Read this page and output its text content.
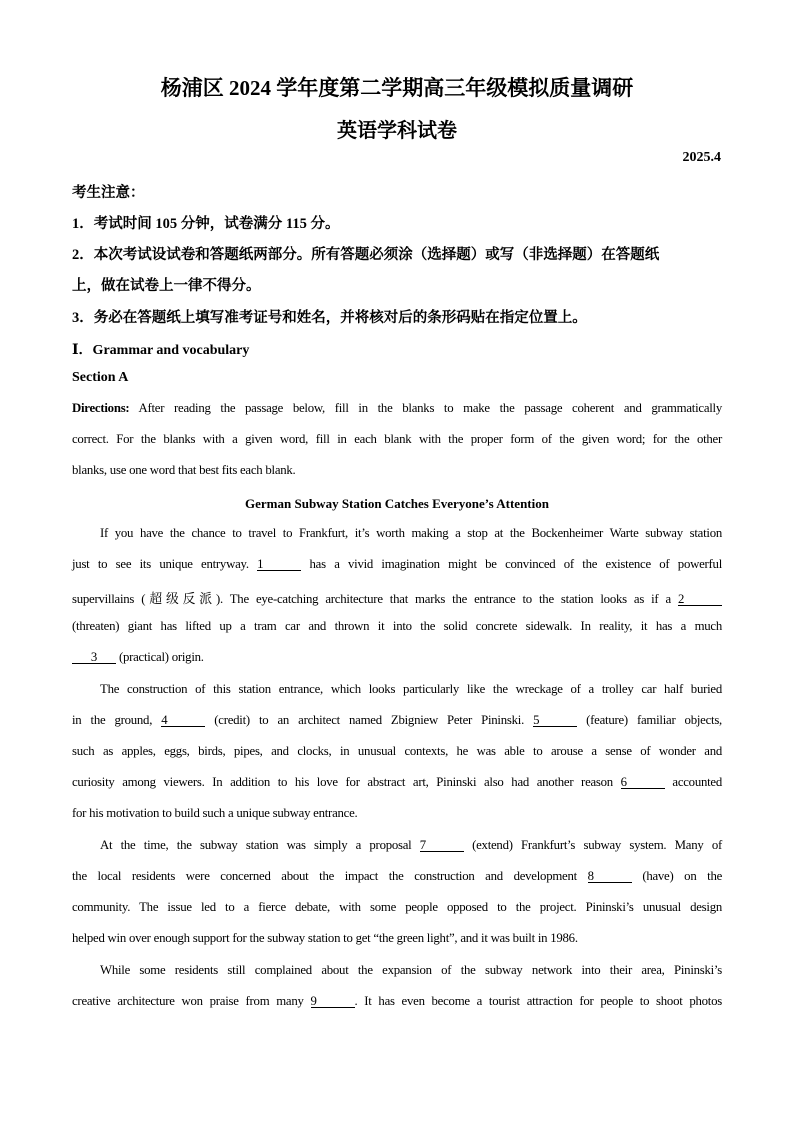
杨浦区 2024 学年度第二学期高三年级模拟质量调研
英语学科试卷
2025.4
考生注意：
1．考试时间 105 分钟，试卷满分 115 分。
2．本次考试设试卷和答题纸两部分。所有答题必须涂（选择题）或写（非选择题）在答题纸
上，做在试卷上一律不得分。
3．务必在答题纸上填写准考证号和姓名，并将核对后的条形码贴在指定位置上。
Ⅰ．Grammar and vocabulary
Section A
Directions: After reading the passage below, fill in the blanks to make the passage coherent and grammatically
correct. For the blanks with a given word, fill in each blank with the proper form of the given word; for the other
blanks, use one word that best fits each blank.
German Subway Station Catches Everyone’s Attention
If you have the chance to travel to Frankfurt, it’s worth making a stop at the Bockenheimer Warte subway station
just to see its unique entryway. 1	has a vivid imagination might be convinced of the existence of powerful
supervillains (超级反派). The eye-catching architecture that marks the entrance to the station looks as if a 2
(threaten) giant has lifted up a tram car and thrown it into the solid concrete sidewalk. In reality, it has a much
3 (practical) origin.
The construction of this station entrance, which looks particularly like the wreckage of a trolley car half buried
in the ground, 4	(credit) to an architect named Zbigniew Peter Pininski. 5	(feature) familiar objects,
such as apples, eggs, birds, pipes, and clocks, in unusual contexts, he was able to arouse a sense of wonder and
curiosity among viewers. In addition to his love for abstract art, Pininski also had another reason 6	accounted
for his motivation to build such a unique subway entrance.
At the time, the subway station was simply a proposal 7	(extend) Frankfurt’s subway system. Many of
the local residents were concerned about the impact the construction and development 8	(have) on the
community. The issue led to a fierce debate, with some people opposed to the project. Pininski’s unusual design
helped win over enough support for the subway station to get “the green light”, and it was built in 1986.
While some residents still complained about the expansion of the subway network into their area, Pininski’s
creative architecture won praise from many 9	. It has even become a tourist attraction for people to shoot photos
